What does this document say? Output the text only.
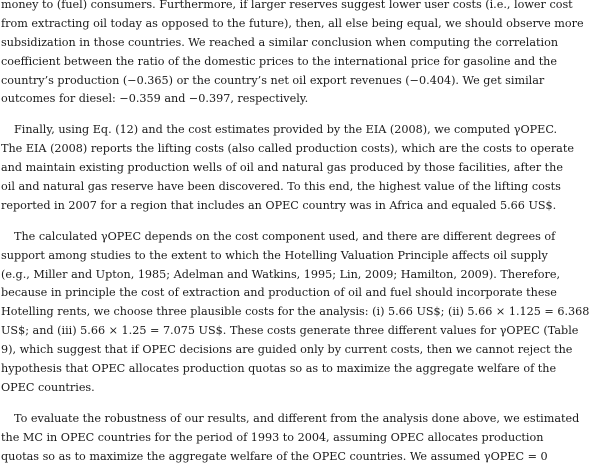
money to (fuel) consumers. Furthermore, if larger reserves suggest lower user costs (i.e., lower cost
from extracting oil today as opposed to the future), then, all else being equal, we should observe more
subsidization in those countries. We reached a similar conclusion when computing the correlation
coefficient between the ratio of the domestic prices to the international price for gasoline and the
country’s production (−0.365) or the country’s net oil export revenues (−0.404). We get similar
outcomes for diesel: −0.359 and −0.397, respectively.
Finally, using Eq. (12) and the cost estimates provided by the EIA (2008), we computed γOPEC.
The EIA (2008) reports the lifting costs (also called production costs), which are the costs to operate
and maintain existing production wells of oil and natural gas produced by those facilities, after the
oil and natural gas reserve have been discovered. To this end, the highest value of the lifting costs
reported in 2007 for a region that includes an OPEC country was in Africa and equaled 5.66 US$.
The calculated γOPEC depends on the cost component used, and there are different degrees of
support among studies to the extent to which the Hotelling Valuation Principle affects oil supply
(e.g., Miller and Upton, 1985; Adelman and Watkins, 1995; Lin, 2009; Hamilton, 2009). Therefore,
because in principle the cost of extraction and production of oil and fuel should incorporate these
Hotelling rents, we choose three plausible costs for the analysis: (i) 5.66 US$; (ii) 5.66 × 1.125 = 6.368
US$; and (iii) 5.66 × 1.25 = 7.075 US$. These costs generate three different values for γOPEC (Table
9), which suggest that if OPEC decisions are guided only by current costs, then we cannot reject the
hypothesis that OPEC allocates production quotas so as to maximize the aggregate welfare of the
OPEC countries.
To evaluate the robustness of our results, and different from the analysis done above, we estimated
the MC in OPEC countries for the period of 1993 to 2004, assuming OPEC allocates production
quotas so as to maximize the aggregate welfare of the OPEC countries. We assumed γOPEC = 0
